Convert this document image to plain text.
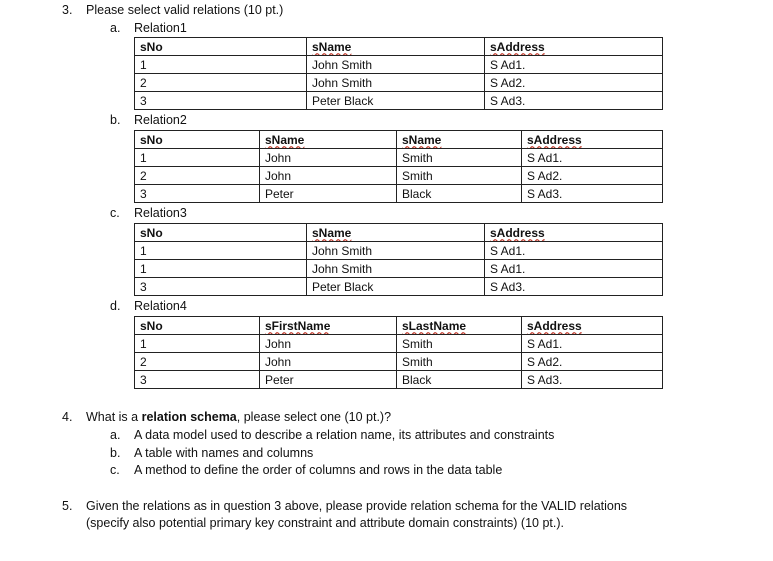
3.	Please select valid relations (10 pt.)
a. Relation1
sNo	sName	sAddress
1	John Smith	S Ad1.
2	John Smith	S Ad2.
3	Peter Black	S Ad3.
b. Relation2
sNo	sName	sName	sAddress
1	John	Smith	S Ad1.
2	John	Smith	S Ad2.
3	Peter	Black	S Ad3.
c. Relation3
sNo	sName	sAddress
1	John Smith	S Ad1.
1	John Smith	S Ad1.
3	Peter Black	S Ad3.
d. Relation4
sNo	sFirstName	sLastName	sAddress
1	John	Smith	S Ad1.
2	John	Smith	S Ad2.
3	Peter	Black	S Ad3.
4.	What is a relation schema, please select one (10 pt.)?
a. A data model used to describe a relation name, its attributes and constraints
b. A table with names and columns
c. A method to define the order of columns and rows in the data table
5.	Given the relations as in question 3 above, please provide relation schema for the VALID relations (specify also potential primary key constraint and attribute domain constraints) (10 pt.).
